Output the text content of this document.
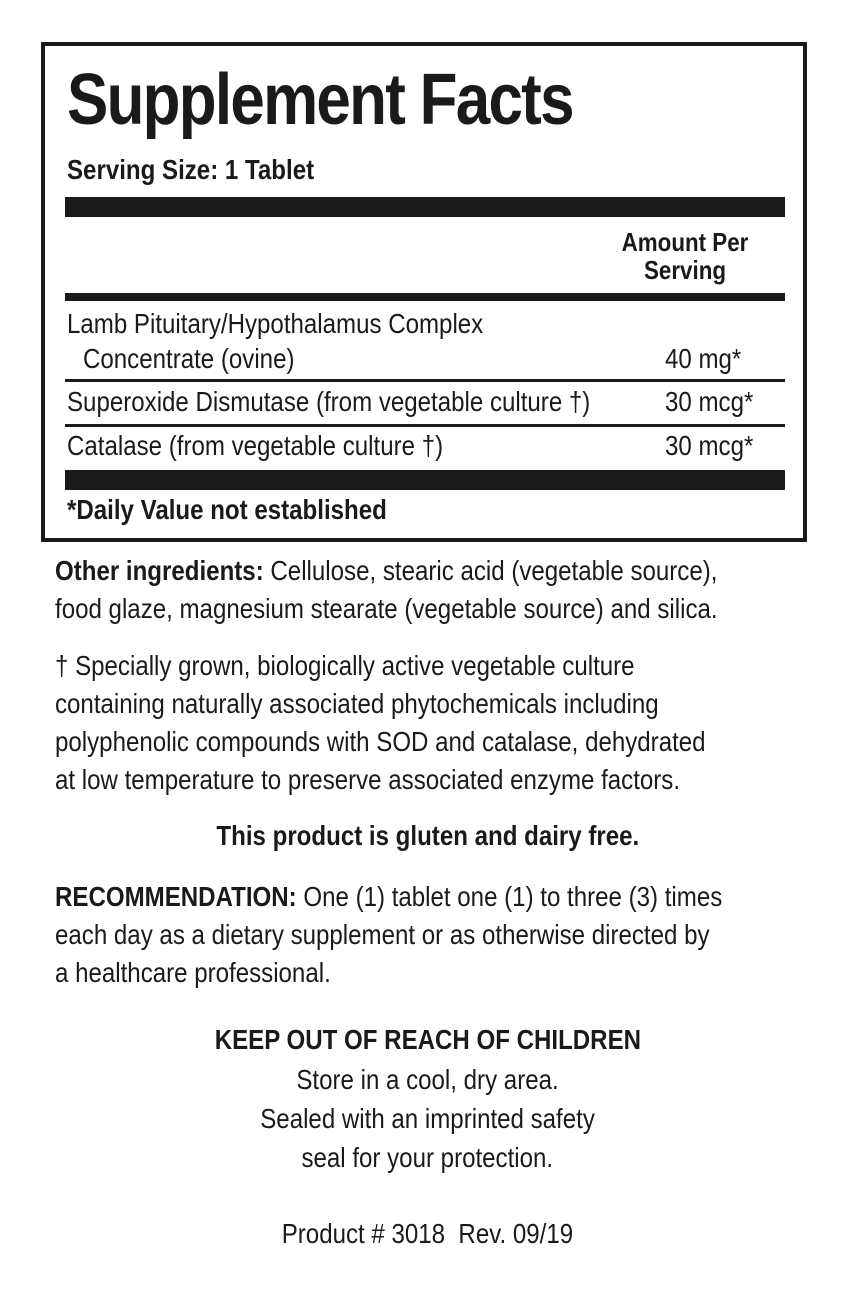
Supplement Facts
Serving Size: 1 Tablet
Amount Per
Serving
Lamb Pituitary/Hypothalamus Complex
Concentrate (ovine)	40 mg*
Superoxide Dismutase (from vegetable culture †)	30 mcg*
Catalase (from vegetable culture †)	30 mcg*
*Daily Value not established
Other ingredients: Cellulose, stearic acid (vegetable source),
food glaze, magnesium stearate (vegetable source) and silica.
† Specially grown, biologically active vegetable culture
containing naturally associated phytochemicals including
polyphenolic compounds with SOD and catalase, dehydrated
at low temperature to preserve associated enzyme factors.
This product is gluten and dairy free.
RECOMMENDATION: One (1) tablet one (1) to three (3) times
each day as a dietary supplement or as otherwise directed by
a healthcare professional.
KEEP OUT OF REACH OF CHILDREN
Store in a cool, dry area.
Sealed with an imprinted safety
seal for your protection.
Product # 3018  Rev. 09/19
